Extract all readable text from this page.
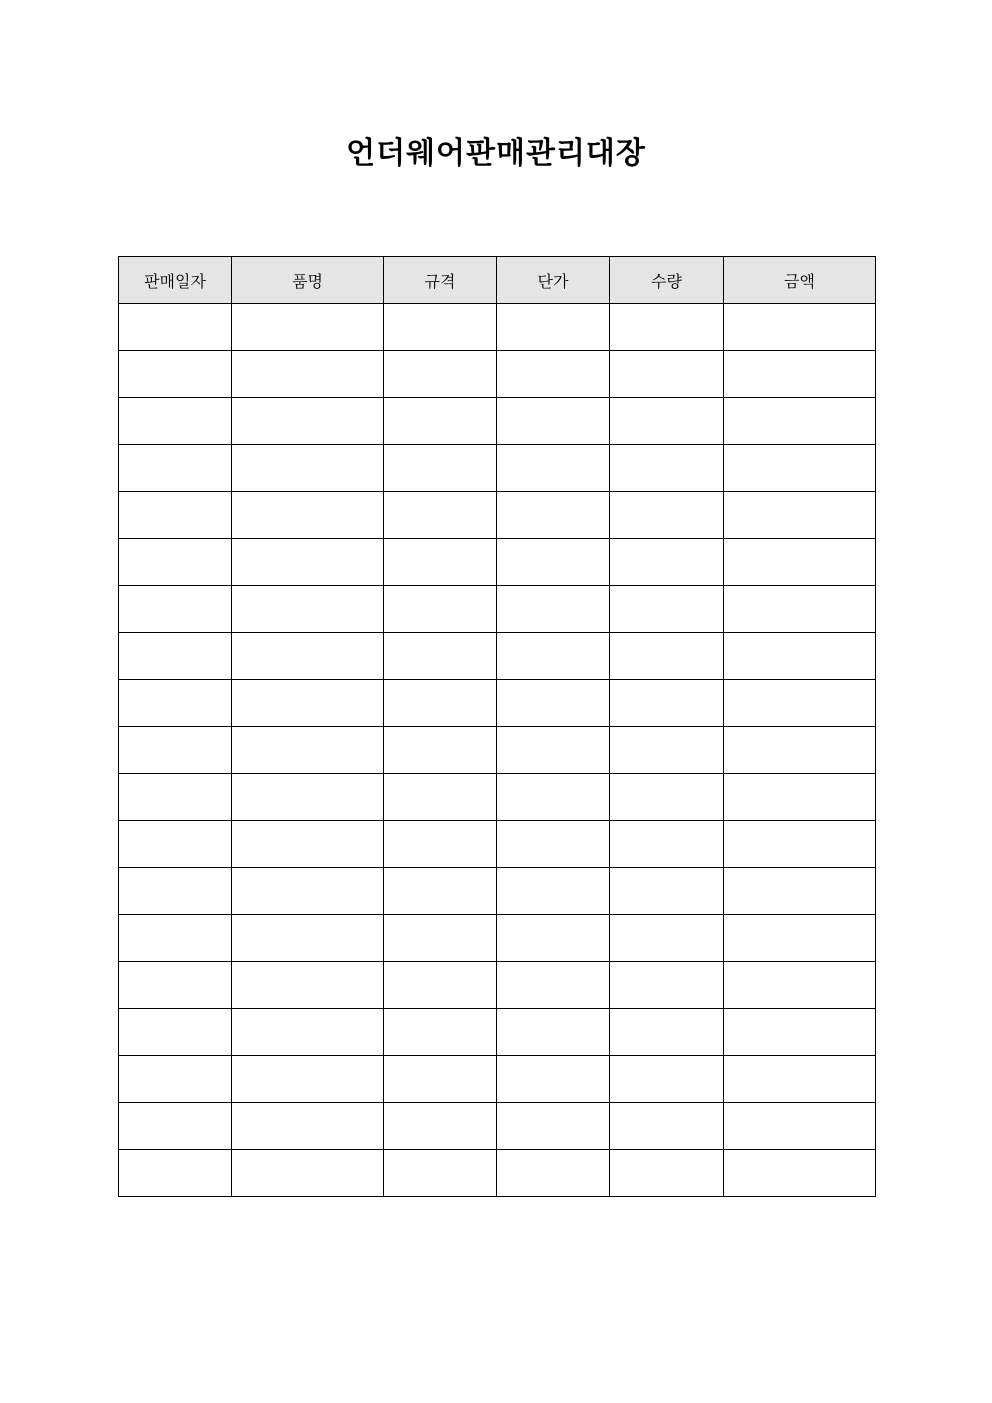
언더웨어판매관리대장
판매일자	품명	규격	단가	수량	금액
